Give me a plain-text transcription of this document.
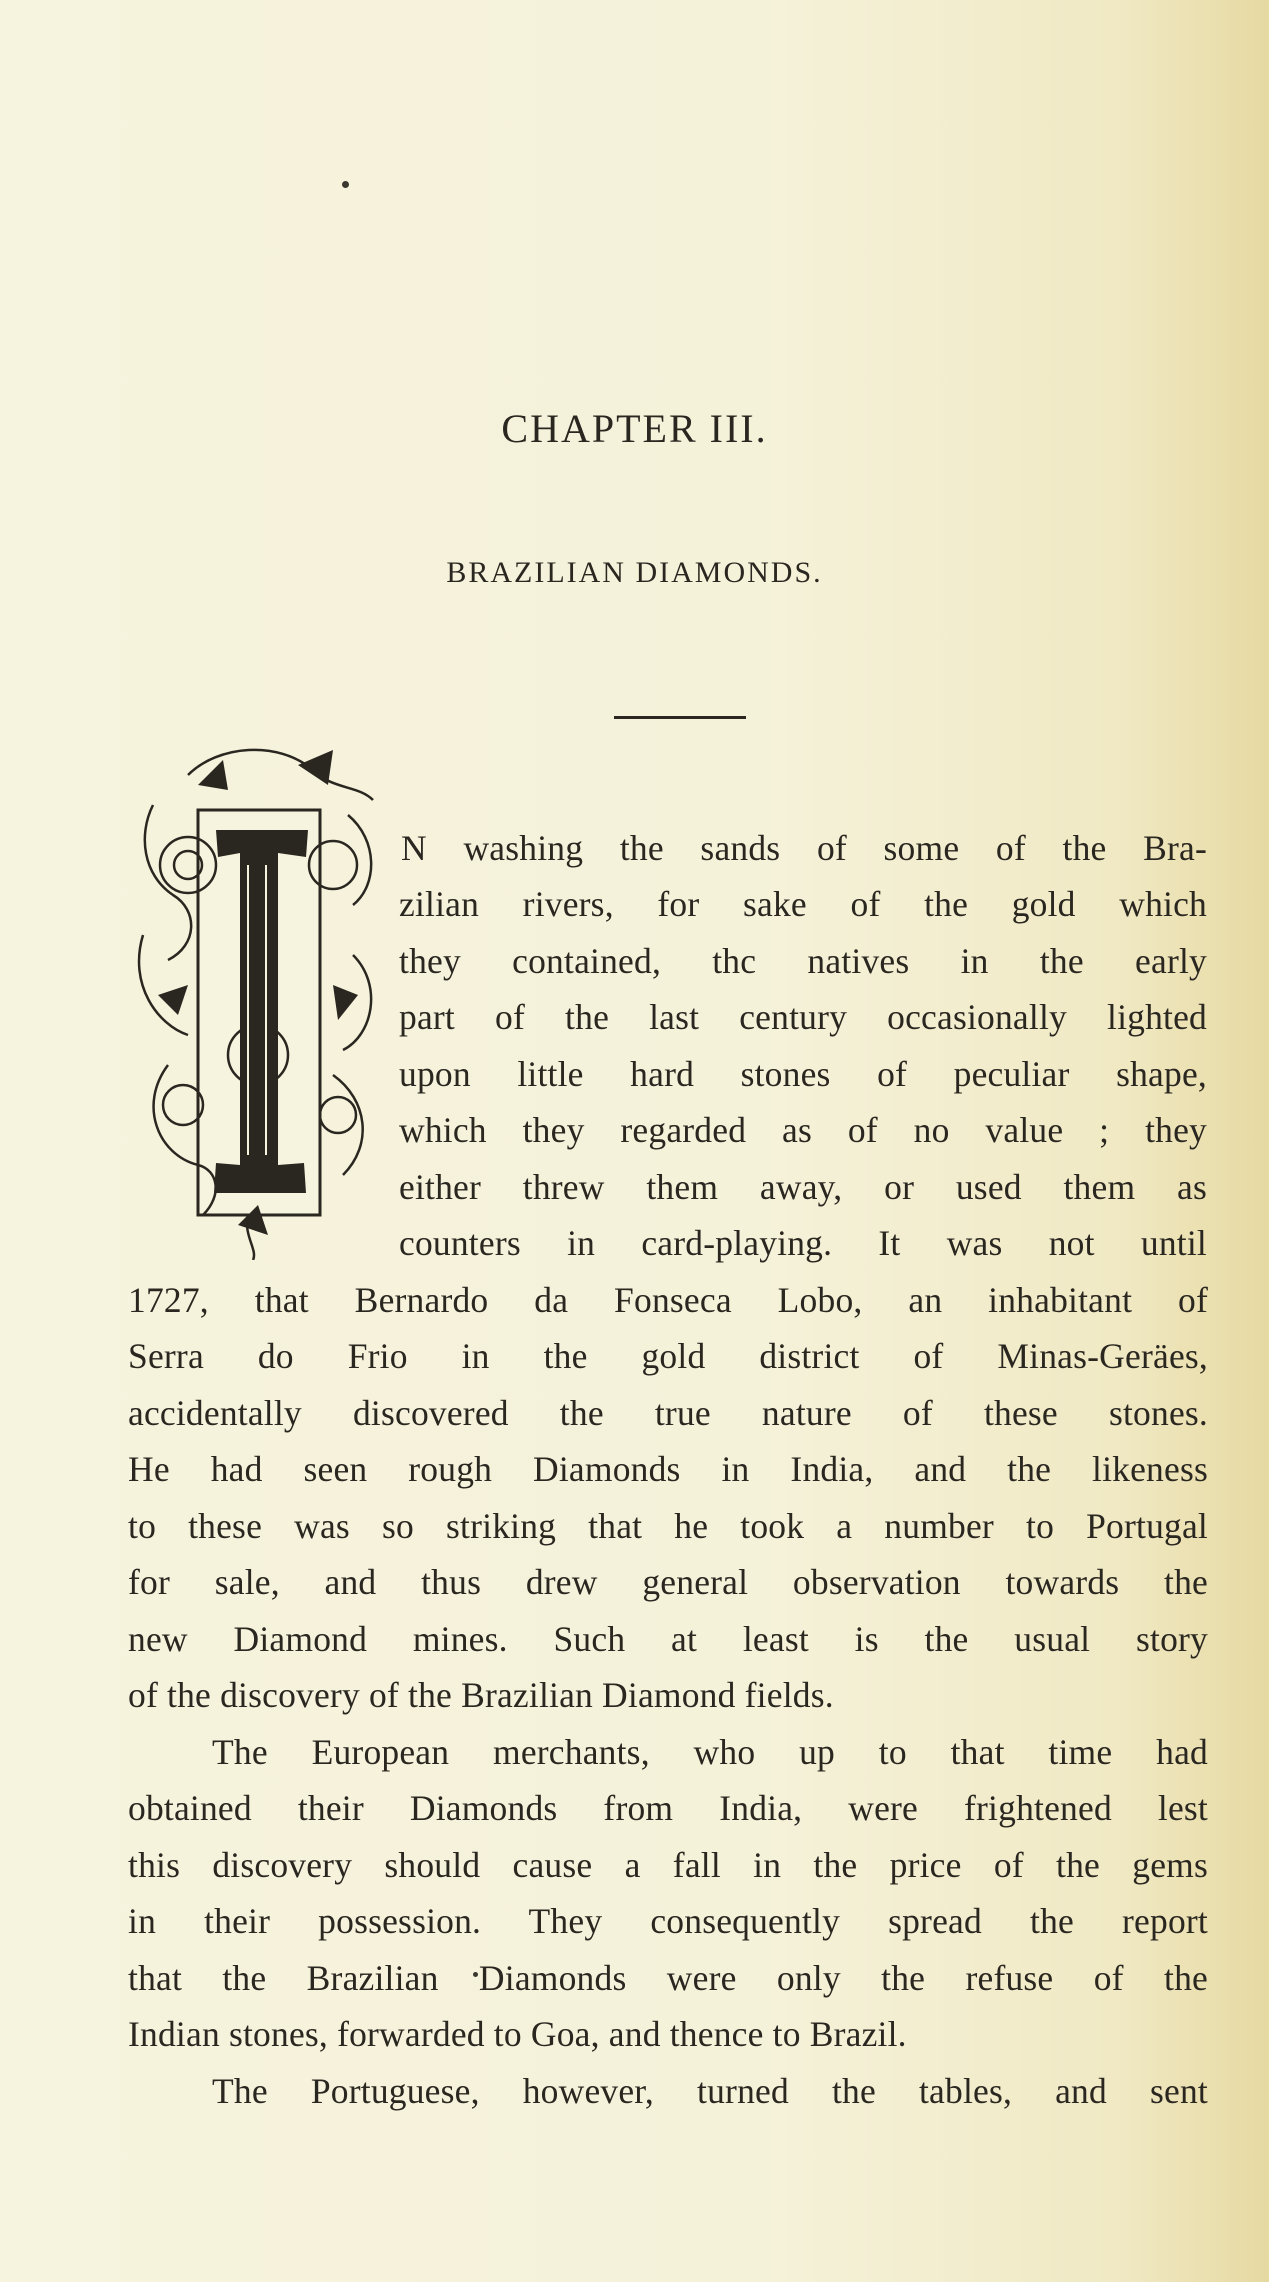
CHAPTER III.
BRAZILIAN DIAMONDS.
N washing the sands of some of the Bra-
zilian rivers, for sake of the gold which
they contained, thc natives in the early
part of the last century occasionally lighted
upon little hard stones of peculiar shape,
which they regarded as of no value ; they
either threw them away, or used them as
counters in card-playing. It was not until
1727, that Bernardo da Fonseca Lobo, an inhabitant of
Serra do Frio in the gold district of Minas-Geräes,
accidentally discovered the true nature of these stones.
He had seen rough Diamonds in India, and the likeness
to these was so striking that he took a number to Portugal
for sale, and thus drew general observation towards the
new Diamond mines. Such at least is the usual story
of the discovery of the Brazilian Diamond fields.
The European merchants, who up to that time had
obtained their Diamonds from India, were frightened lest
this discovery should cause a fall in the price of the gems
in their possession. They consequently spread the report
that the Brazilian Diamonds were only the refuse of the
Indian stones, forwarded to Goa, and thence to Brazil.
The Portuguese, however, turned the tables, and sent
